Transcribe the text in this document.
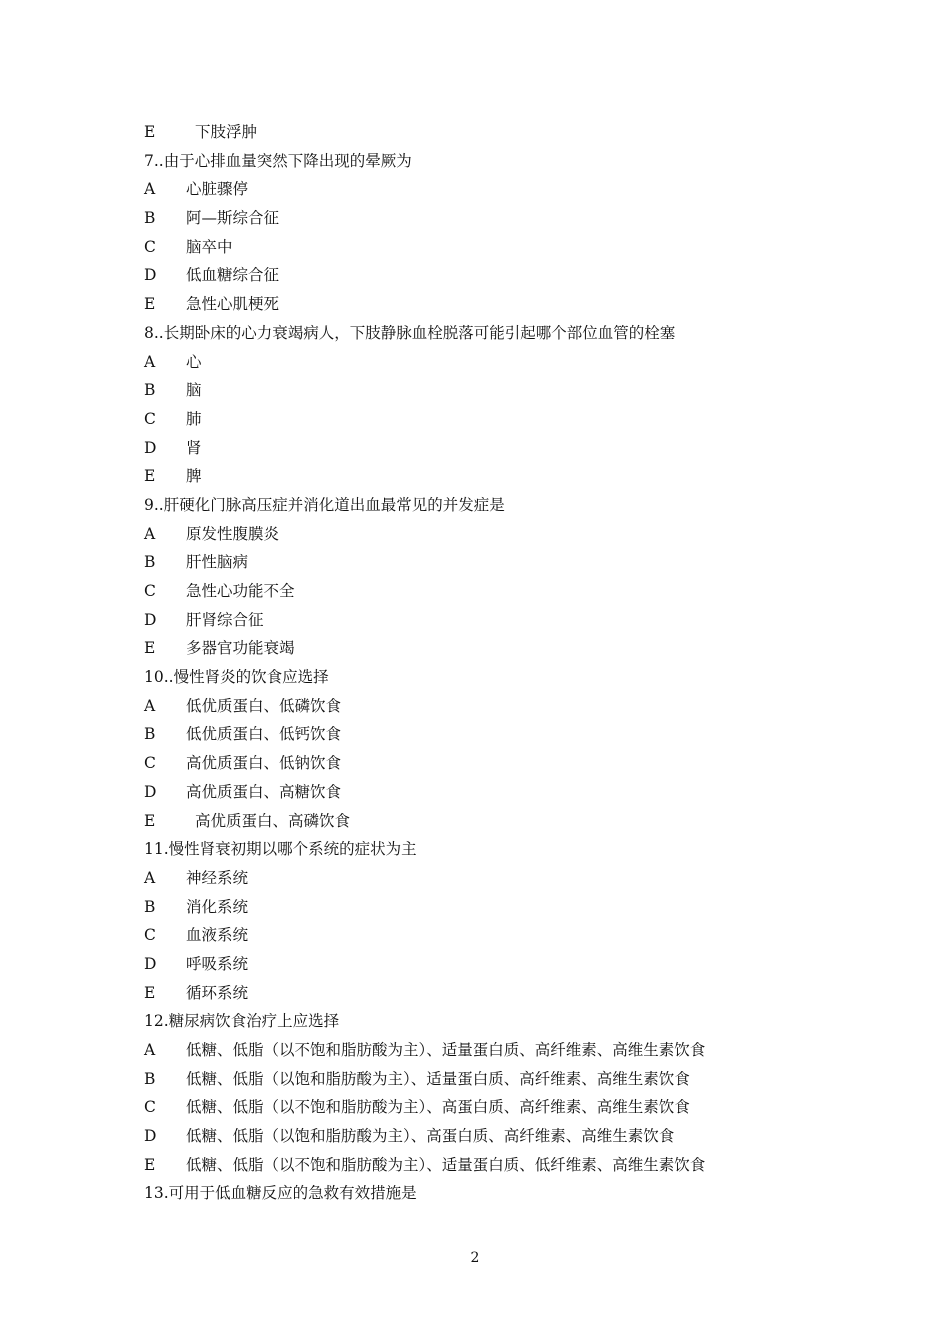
E	下肢浮肿
7..由于心排血量突然下降出现的晕厥为
A 心脏骤停
B 阿—斯综合征
C 脑卒中
D 低血糖综合征
E 急性心肌梗死
8..长期卧床的心力衰竭病人，下肢静脉血栓脱落可能引起哪个部位血管的栓塞
A 心
B 脑
C 肺
D 肾
E 脾
9..肝硬化门脉高压症并消化道出血最常见的并发症是
A 原发性腹膜炎
B 肝性脑病
C 急性心功能不全
D 肝肾综合征
E 多器官功能衰竭
10..慢性肾炎的饮食应选择
A 低优质蛋白、低磷饮食
B 低优质蛋白、低钙饮食
C 高优质蛋白、低钠饮食
D 高优质蛋白、高糖饮食
E	高优质蛋白、高磷饮食
11.慢性肾衰初期以哪个系统的症状为主
A 神经系统
B 消化系统
C 血液系统
D 呼吸系统
E 循环系统
12.糖尿病饮食治疗上应选择
A 低糖、低脂（以不饱和脂肪酸为主）、适量蛋白质、高纤维素、高维生素饮食
B 低糖、低脂（以饱和脂肪酸为主）、适量蛋白质、高纤维素、高维生素饮食
C 低糖、低脂（以不饱和脂肪酸为主）、高蛋白质、高纤维素、高维生素饮食
D 低糖、低脂（以饱和脂肪酸为主）、高蛋白质、高纤维素、高维生素饮食
E 低糖、低脂（以不饱和脂肪酸为主）、适量蛋白质、低纤维素、高维生素饮食
13.可用于低血糖反应的急救有效措施是
2
